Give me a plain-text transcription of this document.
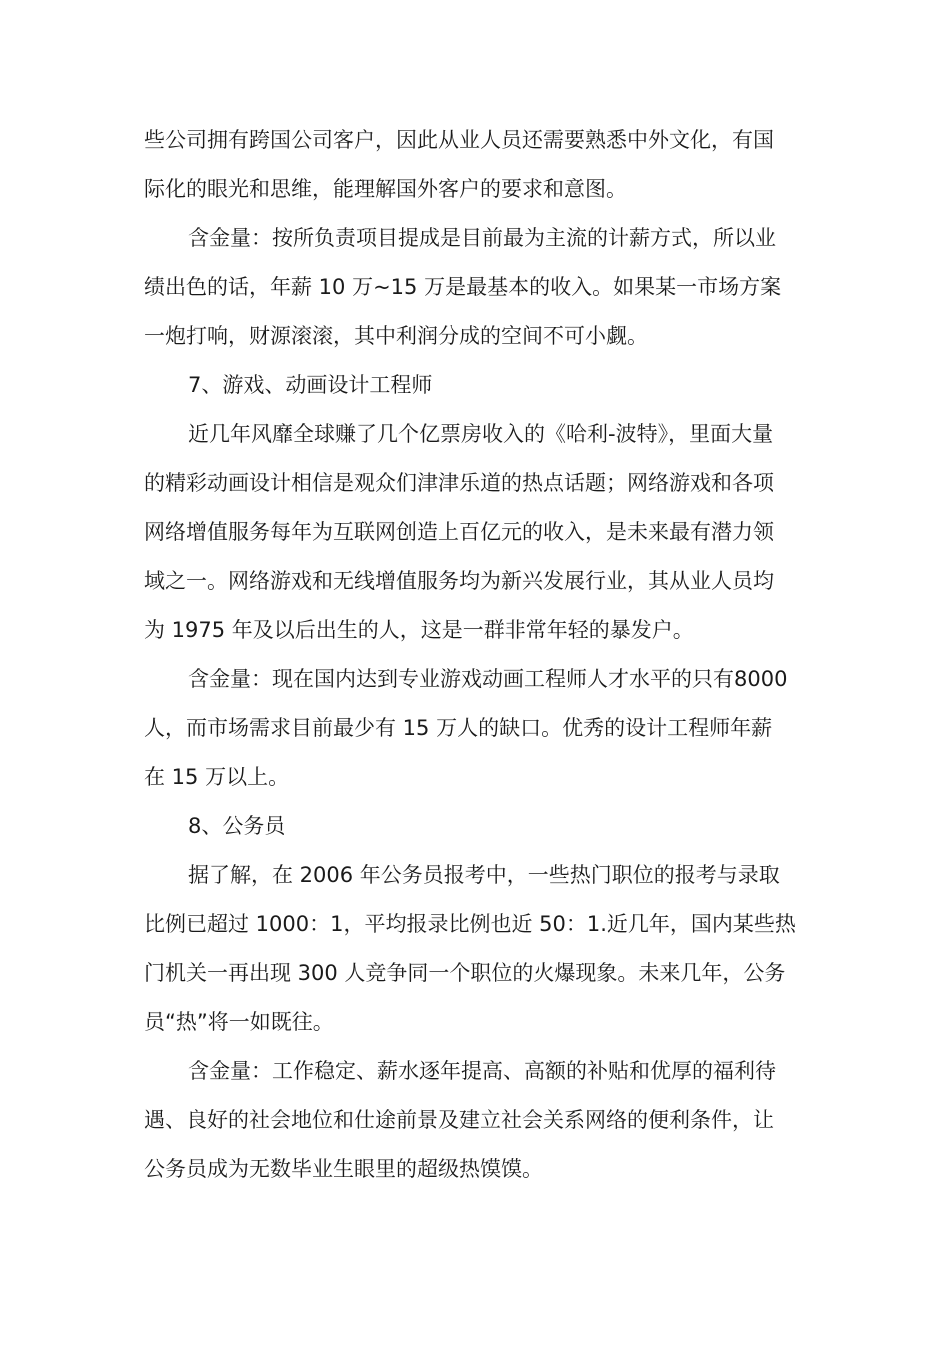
些公司拥有跨国公司客户，因此从业人员还需要熟悉中外文化，有国
际化的眼光和思维，能理解国外客户的要求和意图。
含金量：按所负责项目提成是目前最为主流的计薪方式，所以业
绩出色的话，年薪 10 万~15 万是最基本的收入。如果某一市场方案
一炮打响，财源滚滚，其中利润分成的空间不可小觑。
7、游戏、动画设计工程师
近几年风靡全球赚了几个亿票房收入的《哈利-波特》，里面大量
的精彩动画设计相信是观众们津津乐道的热点话题；网络游戏和各项
网络增值服务每年为互联网创造上百亿元的收入，是未来最有潜力领
域之一。网络游戏和无线增值服务均为新兴发展行业，其从业人员均
为 1975 年及以后出生的人，这是一群非常年轻的暴发户。
含金量：现在国内达到专业游戏动画工程师人才水平的只有8000
人，而市场需求目前最少有 15 万人的缺口。优秀的设计工程师年薪
在 15 万以上。
8、公务员
据了解，在 2006 年公务员报考中，一些热门职位的报考与录取
比例已超过 1000：1，平均报录比例也近 50：1.近几年，国内某些热
门机关一再出现 300 人竞争同一个职位的火爆现象。未来几年，公务
员“热”将一如既往。
含金量：工作稳定、薪水逐年提高、高额的补贴和优厚的福利待
遇、良好的社会地位和仕途前景及建立社会关系网络的便利条件，让
公务员成为无数毕业生眼里的超级热馍馍。
